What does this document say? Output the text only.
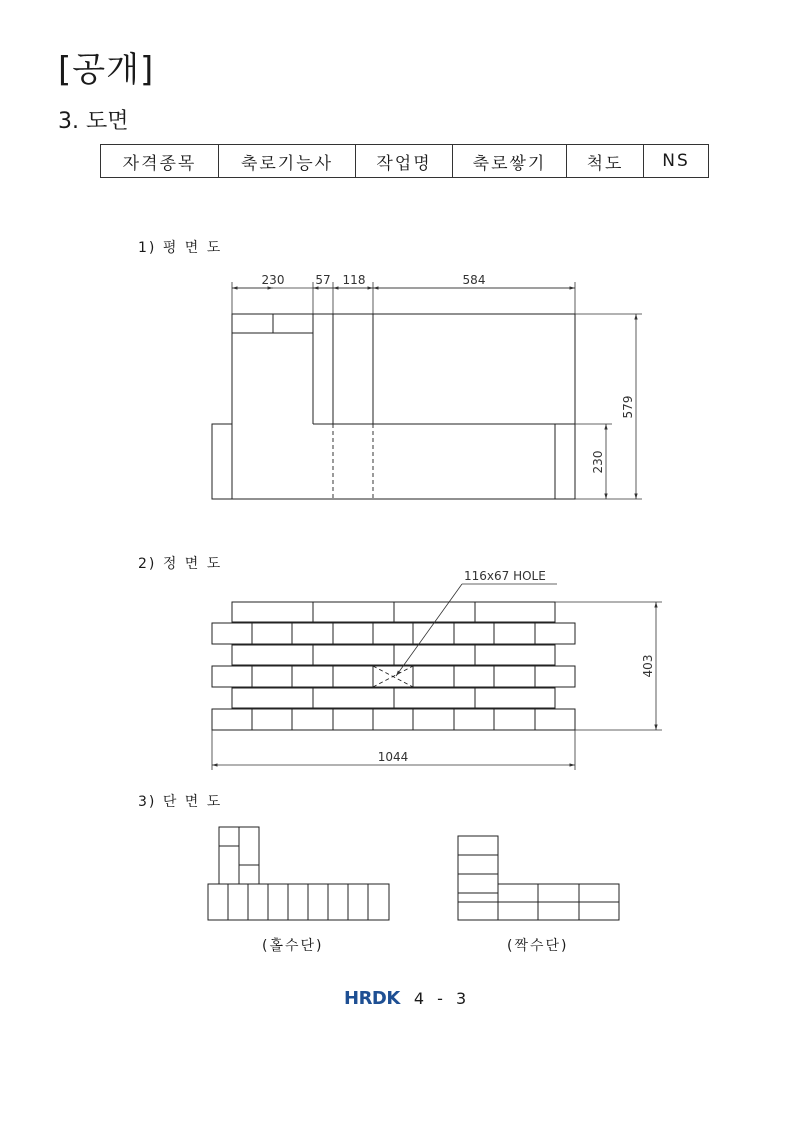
[공개]
3. 도면
자격종목	축로기능사	작업명	축로쌓기	척도	NS
1) 평 면 도
2) 정 면 도
3) 단 면 도
230	57 118	584
579
230
116x67 HOLE
403
1044
(홀수단)	(짝수단)
HRDK 4 - 3
